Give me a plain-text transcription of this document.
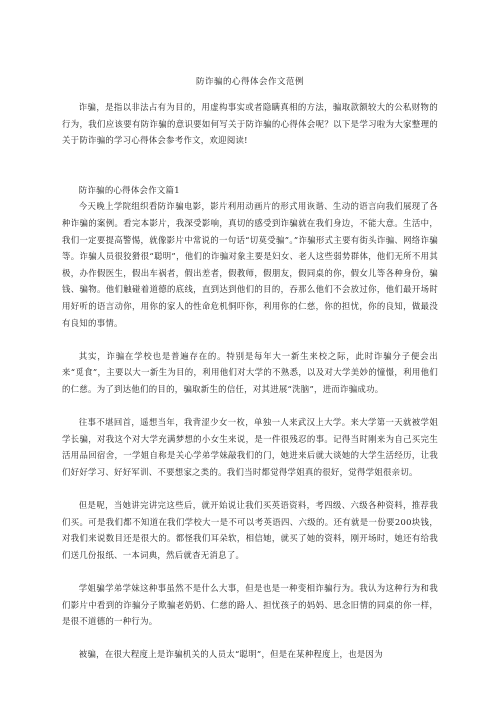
防诈骗的心得体会作文范例

诈骗，是指以非法占有为目的，用虚构事实或者隐瞒真相的方法，骗取款额较大的公私财物的行为，我们应该要有防诈骗的意识要如何写关于防诈骗的心得体会呢？以下是学习啦为大家整理的关于防诈骗的学习心得体会参考作文，欢迎阅读!

防诈骗的心得体会作文篇1

今天晚上学院组织看防诈骗电影，影片利用动画片的形式用诙谐、生动的语言向我们展现了各种诈骗的案例。看完本影片，我深受影响，真切的感受到诈骗就在我们身边，不能大意。生活中，我们一定要提高警惕，就像影片中常说的一句话“切莫受骗”。”诈骗形式主要有街头诈骗、网络诈骗等。诈骗人员很狡猾很“聪明”，他们的诈骗对象主要是妇女、老人这些弱势群体，他们无所不用其极，办作假医生，假出车祸者，假出差者，假教师，假朋友，假同桌的你，假女儿等各种身份，骗钱、骗物。他们触碰着道德的底线，直到达到他们的目的，吞那么他们不会放过你，他们最开场时用好听的语言动你，用你的家人的性命危机恫吓你，利用你的仁慈，你的担忧，你的良知，做最没有良知的事情。

其实，诈骗在学校也是普遍存在的。特别是每年大一新生来校之际，此时诈骗分子便会出来“觅食”，主要以大一新生为目的，利用他们对大学的不熟悉，以及对大学美妙的憧憬，利用他们的仁慈。为了到达他们的目的，骗取新生的信任，对其进展“洗脑”，进而诈骗成功。

往事不堪回首，遥想当年，我背涩少女一枚，单独一人来武汉上大学。来大学第一天就被学姐学长骗，对我这个对大学充满梦想的小女生来说，是一件很残忍的事。记得当时刚来为自己买完生活用品回宿舍，一学姐自称是关心学弟学妹敲我们的门，她进来后就大谈她的大学生活经历，让我们好好学习、好好军训、不要想家之类的。我们当时都觉得学姐真的很好，觉得学姐很亲切。

但是呢，当她讲完讲完这些后，就开始说让我们买英语资料，考四级、六级各种资料，推荐我们买。可是我们都不知道在我们学校大一是不可以考英语四、六级的。还有就是一份要200块钱，对我们来说数目还是很大的。都怪我们耳朵软，相信她，就买了她的资料，刚开场时，她还有给我们送几份报纸、一本词典，然后就杳无消息了。

学姐骗学弟学妹这种事虽然不是什么大事，但是也是一种变相诈骗行为。我认为这种行为和我们影片中看到的诈骗分子欺骗老奶奶、仁慈的路人、担忧孩子的妈妈、思念旧情的同桌的你一样，是很不道德的一种行为。

被骗，在很大程度上是诈骗机关的人员太“聪明”，但是在某种程度上，也是因为
